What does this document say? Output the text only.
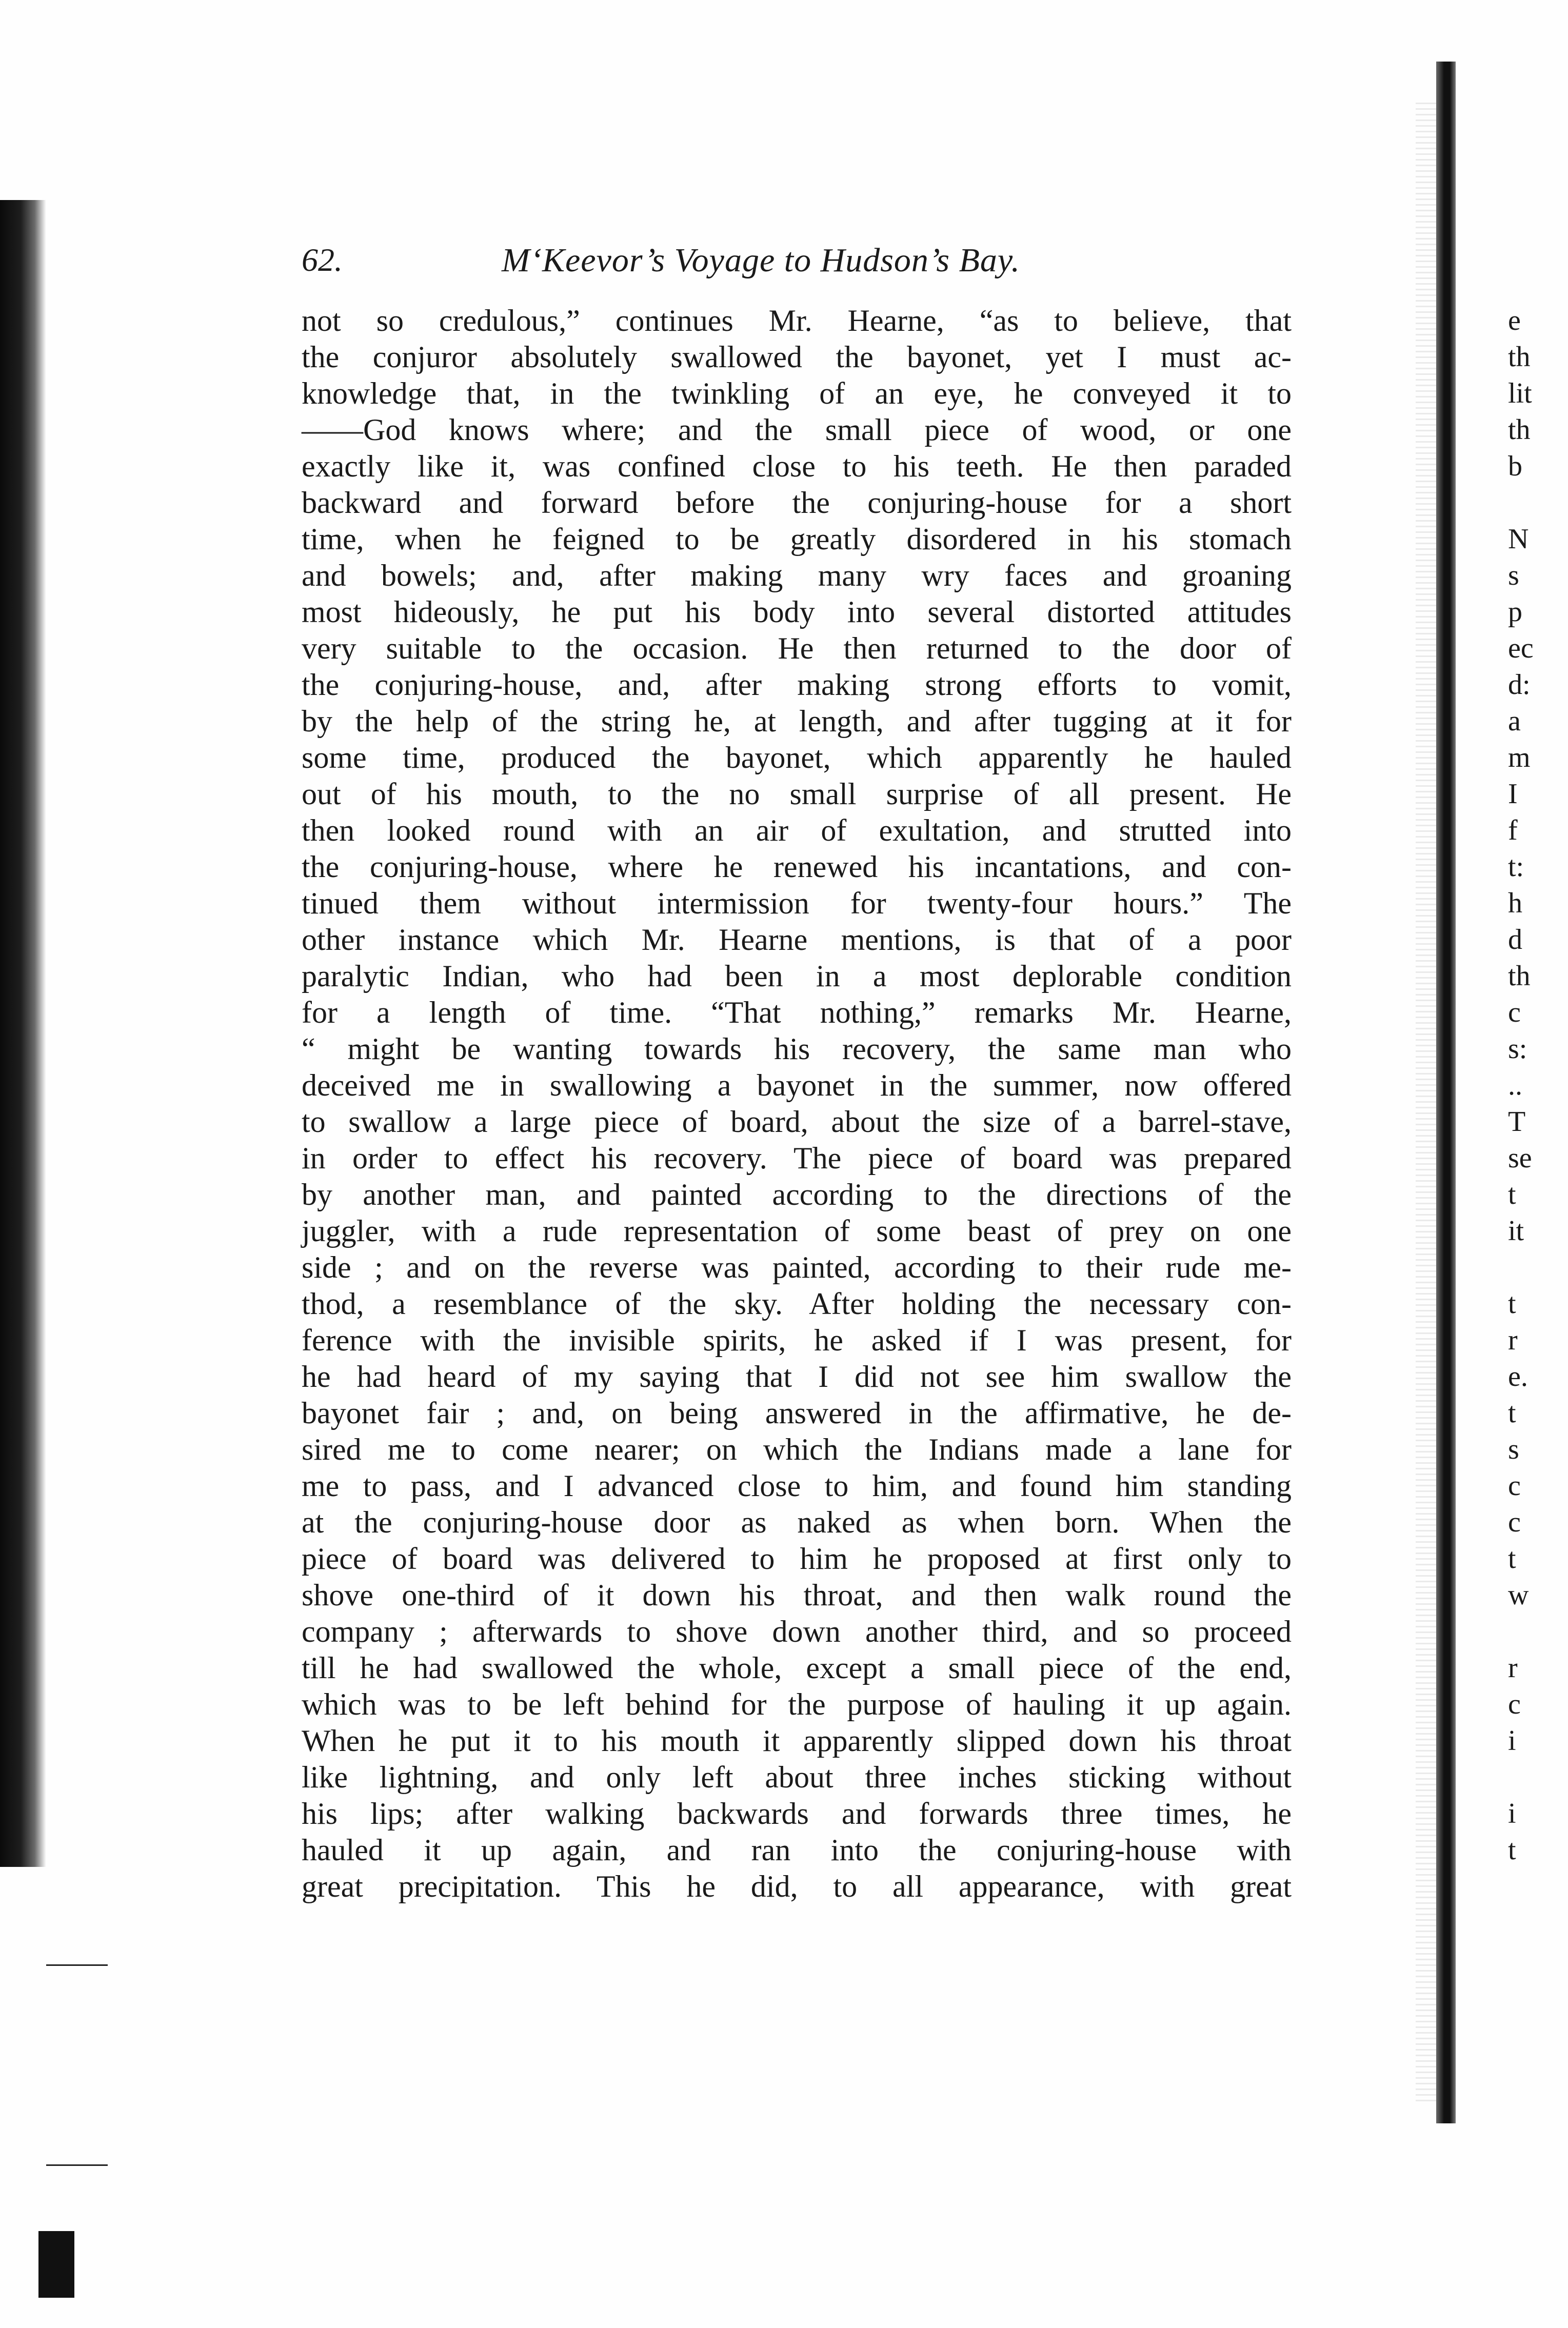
62.	M‘Keevor’s Voyage to Hudson’s Bay.
not so credulous,” continues Mr. Hearne, “as to believe, that
the conjuror absolutely swallowed the bayonet, yet I must ac-
knowledge that, in the twinkling of an eye, he conveyed it to
——God knows where; and the small piece of wood, or one
exactly like it, was confined close to his teeth. He then paraded
backward and forward before the conjuring-house for a short
time, when he feigned to be greatly disordered in his stomach
and bowels; and, after making many wry faces and groaning
most hideously, he put his body into several distorted attitudes
very suitable to the occasion. He then returned to the door of
the conjuring-house, and, after making strong efforts to vomit,
by the help of the string he, at length, and after tugging at it for
some time, produced the bayonet, which apparently he hauled
out of his mouth, to the no small surprise of all present. He
then looked round with an air of exultation, and strutted into
the conjuring-house, where he renewed his incantations, and con-
tinued them without intermission for twenty-four hours.” The
other instance which Mr. Hearne mentions, is that of a poor
paralytic Indian, who had been in a most deplorable condition
for a length of time. “That nothing,” remarks Mr. Hearne,
“ might be wanting towards his recovery, the same man who
deceived me in swallowing a bayonet in the summer, now offered
to swallow a large piece of board, about the size of a barrel-stave,
in order to effect his recovery. The piece of board was prepared
by another man, and painted according to the directions of the
juggler, with a rude representation of some beast of prey on one
side ; and on the reverse was painted, according to their rude me-
thod, a resemblance of the sky. After holding the necessary con-
ference with the invisible spirits, he asked if I was present, for
he had heard of my saying that I did not see him swallow the
bayonet fair ; and, on being answered in the affirmative, he de-
sired me to come nearer; on which the Indians made a lane for
me to pass, and I advanced close to him, and found him standing
at the conjuring-house door as naked as when born. When the
piece of board was delivered to him he proposed at first only to
shove one-third of it down his throat, and then walk round the
company ; afterwards to shove down another third, and so proceed
till he had swallowed the whole, except a small piece of the end,
which was to be left behind for the purpose of hauling it up again.
When he put it to his mouth it apparently slipped down his throat
like lightning, and only left about three inches sticking without
his lips; after walking backwards and forwards three times, he
hauled it up again, and ran into the conjuring-house with
great precipitation. This he did, to all appearance, with great
e
th
lit
th
b
N
s
p
ec
d:
a
m
I
f
t:
h
d
th
c
s:
..
T
se
t
it
t
r
e.
t
s
c
c
t
w
r
c
i
i
t
